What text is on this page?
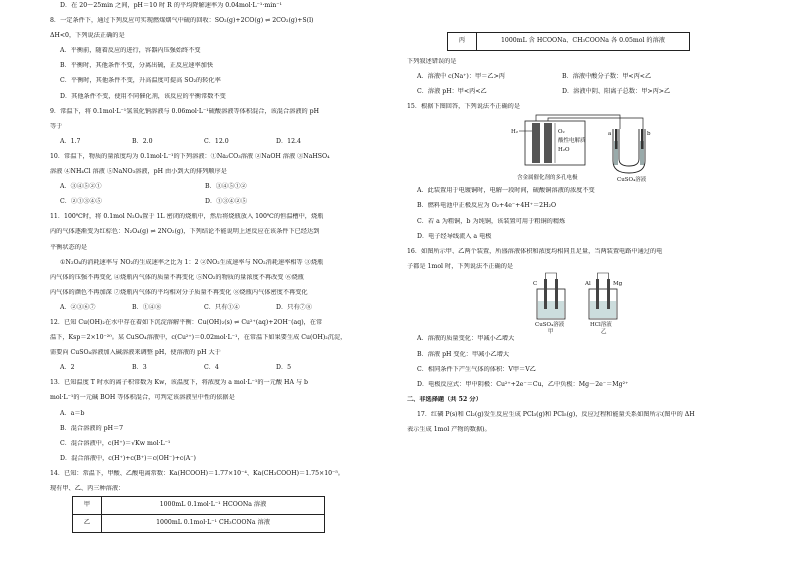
D．在 20～25min 之间，pH＝10 时 R 的平均降解速率为 0.04mol·L⁻¹·min⁻¹

8．一定条件下，通过下列反应可实现燃煤烟气中硫的回收：SO₂(g)+2CO(g) ⇌ 2CO₂(g)+S(l)

ΔH<0，下列说法正确的是

A．平衡前，随着反应的进行，容器内压强始终不变

B．平衡时，其他条件不变，分离出硫，正反应速率加快

C．平衡时，其他条件不变，升高温度可提高 SO₂的转化率

D．其他条件不变，使用不同催化剂，该反应的平衡常数不变

9．常温下，将 0.1mol·L⁻¹氢氧化钠溶液与 0.06mol·L⁻¹硫酸溶液等体积混合，该混合溶液的 pH

等于

A．1.7	B．2.0	C．12.0	D．12.4

10．常温下，物质的量浓度均为 0.1mol·L⁻¹的下列溶液：①Na₂CO₃溶液 ②NaOH 溶液 ③NaHSO₄

溶液 ④NH₄Cl 溶液 ⑤NaNO₃溶液，pH 由小到大的排列顺序是

A．③④⑤②①	B．③④⑤①②
C．②①③④⑤	D．①③④②⑤

11．100℃时，将 0.1mol N₂O₄置于 1L 密闭的烧瓶中，然后将烧瓶放入 100℃的恒温槽中，烧瓶

内的气体逐渐变为红棕色：N₂O₄(g) ⇌ 2NO₂(g)，下列结论不能说明上述反应在该条件下已经达到

平衡状态的是

①N₂O₄的消耗速率与 NO₂的生成速率之比为 1：2 ②NO₂生成速率与 NO₂消耗速率相等 ③烧瓶

内气体的压强不再变化 ④烧瓶内气体的质量不再变化 ⑤NO₂的物质的量浓度不再改变 ⑥烧瓶

内气体的颜色不再加深 ⑦烧瓶内气体的平均相对分子质量不再变化 ⑧烧瓶内气体密度不再变化

A．②③⑥⑦	B．①④⑧	C．只有①④	D．只有⑦⑧

12．已知 Cu(OH)₂在水中存在着如下沉淀溶解平衡：Cu(OH)₂(s) ⇌ Cu²⁺(aq)+2OH⁻(aq)，在常

温下，Ksp＝2×10⁻²⁰。某 CuSO₄溶液中，c(Cu²⁺)＝0.02mol·L⁻¹，在常温下如果要生成 Cu(OH)₂沉淀，

需要向 CuSO₄溶液加入碱溶液来调整 pH，使溶液的 pH 大于

A．2	B．3	C．4	D．5

13．已知温度 T 时水的离子积常数为 Kw，该温度下，将浓度为 a mol·L⁻¹的一元酸 HA 与 b

mol·L⁻¹的一元碱 BOH 等体积混合，可判定该溶液呈中性的依据是

A．a＝b

B．混合溶液的 pH＝7

C．混合溶液中，c(H⁺)＝√Kw mol·L⁻¹

D．混合溶液中，c(H⁺)+c(B⁺)＝c(OH⁻)+c(A⁻)

14．已知：常温下，甲酸、乙酸电离常数：Ka(HCOOH)＝1.77×10⁻⁴、Ka(CH₃COOH)＝1.75×10⁻⁵。

现有甲、乙、丙三种溶液：

甲	1000mL 0.1mol·L⁻¹ HCOONa 溶液
乙	1000mL 0.1mol·L⁻¹ CH₃COONa 溶液
丙	1000mL 含 HCOONa、CH₃COONa 各 0.05mol 的溶液

下列叙述错误的是

A．溶液中 c(Na⁺)：甲＝乙>丙	B．溶液中酸分子数：甲<丙<乙
C．溶液 pH：甲<丙<乙	D．溶液中阴、阳离子总数：甲>丙>乙

15．根据下图回答，下列说法不正确的是

H₂	O₂
酸性电解质
H₂O
a	b
含金属催化剂的多孔电极	CuSO₄溶液

A．此装置用于电镀铜时，电解一段时间，硫酸铜溶液的浓度不变

B．燃料电池中正极反应为 O₂+4e⁻+4H⁺＝2H₂O

C．若 a 为粗铜，b 为纯铜，该装置可用于粗铜的精炼

D．电子经导线流入 a 电极

16．如图所示甲、乙两个装置，所盛溶液体积和浓度均相同且足量，当两装置电路中通过的电

子都是 1mol 时，下列说法不正确的是

C
CuSO₄溶液
甲
Al	Mg
HCl溶液
乙

A．溶液的质量变化：甲减小乙增大

B．溶液 pH 变化：甲减小乙增大

C．相同条件下产生气体的体积：V甲＝V乙

D．电极反应式：甲中阴极：Cu²⁺+2e⁻＝Cu，乙中负极：Mg－2e⁻＝Mg²⁺

二、非选择题（共 52 分）

17．红磷 P(s)和 Cl₂(g)发生反应生成 PCl₃(g)和 PCl₅(g)，反应过程和能量关系如图所示(图中的 ΔH

表示生成 1mol 产物的数据)。
